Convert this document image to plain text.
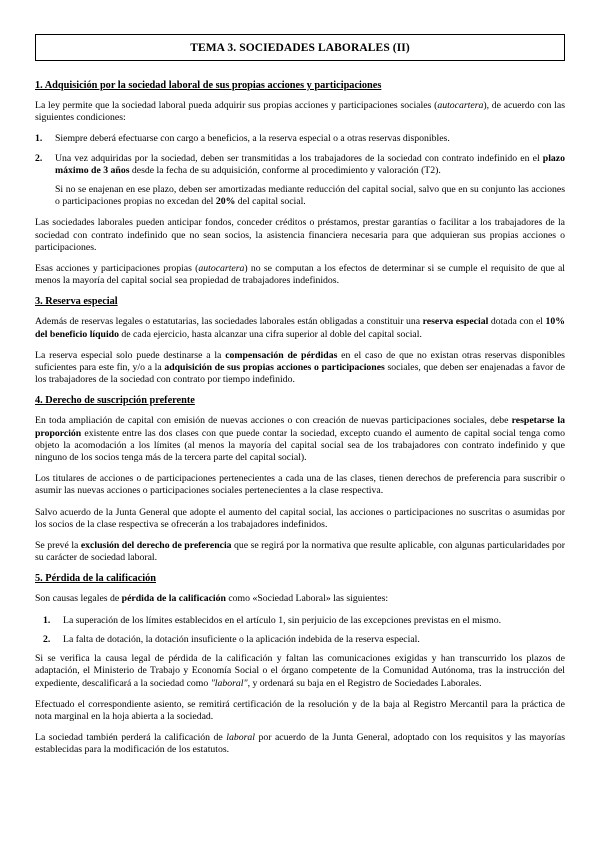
TEMA 3. SOCIEDADES LABORALES (II)
1. Adquisición por la sociedad laboral de sus propias acciones y participaciones

La ley permite que la sociedad laboral pueda adquirir sus propias acciones y participaciones sociales (autocartera), de acuerdo con las siguientes condiciones:

1.	Siempre deberá efectuarse con cargo a beneficios, a la reserva especial o a otras reservas disponibles.
2.	Una vez adquiridas por la sociedad, deben ser transmitidas a los trabajadores de la sociedad con contrato indefinido en el plazo máximo de 3 años desde la fecha de su adquisición, conforme al procedimiento y valoración (T2).

Si no se enajenan en ese plazo, deben ser amortizadas mediante reducción del capital social, salvo que en su conjunto las acciones o participaciones propias no excedan del 20% del capital social.

Las sociedades laborales pueden anticipar fondos, conceder créditos o préstamos, prestar garantías o facilitar a los trabajadores de la sociedad con contrato indefinido que no sean socios, la asistencia financiera necesaria para que adquieran sus propias acciones o participaciones.

Esas acciones y participaciones propias (autocartera) no se computan a los efectos de determinar si se cumple el requisito de que al menos la mayoría del capital social sea propiedad de trabajadores indefinidos.

3. Reserva especial

Además de reservas legales o estatutarias, las sociedades laborales están obligadas a constituir una reserva especial dotada con el 10% del beneficio líquido de cada ejercicio, hasta alcanzar una cifra superior al doble del capital social.

La reserva especial solo puede destinarse a la compensación de pérdidas en el caso de que no existan otras reservas disponibles suficientes para este fin, y/o a la adquisición de sus propias acciones o participaciones sociales, que deben ser enajenadas a favor de los trabajadores de la sociedad con contrato por tiempo indefinido.

4. Derecho de suscripción preferente

En toda ampliación de capital con emisión de nuevas acciones o con creación de nuevas participaciones sociales, debe respetarse la proporción existente entre las dos clases con que puede contar la sociedad, excepto cuando el aumento de capital social tenga como objeto la acomodación a los límites (al menos la mayoría del capital social sea de los trabajadores con contrato indefinido y que ninguno de los socios tenga más de la tercera parte del capital social).

Los titulares de acciones o de participaciones pertenecientes a cada una de las clases, tienen derechos de preferencia para suscribir o asumir las nuevas acciones o participaciones sociales pertenecientes a la clase respectiva.

Salvo acuerdo de la Junta General que adopte el aumento del capital social, las acciones o participaciones no suscritas o asumidas por los socios de la clase respectiva se ofrecerán a los trabajadores indefinidos.

Se prevé la exclusión del derecho de preferencia que se regirá por la normativa que resulte aplicable, con algunas particularidades por su carácter de sociedad laboral.

5. Pérdida de la calificación

Son causas legales de pérdida de la calificación como «Sociedad Laboral» las siguientes:

1.	La superación de los límites establecidos en el artículo 1, sin perjuicio de las excepciones previstas en el mismo.
2.	La falta de dotación, la dotación insuficiente o la aplicación indebida de la reserva especial.

Si se verifica la causa legal de pérdida de la calificación y faltan las comunicaciones exigidas y han transcurrido los plazos de adaptación, el Ministerio de Trabajo y Economía Social o el órgano competente de la Comunidad Autónoma, tras la instrucción del expediente, descalificará a la sociedad como "laboral", y ordenará su baja en el Registro de Sociedades Laborales.

Efectuado el correspondiente asiento, se remitirá certificación de la resolución y de la baja al Registro Mercantil para la práctica de nota marginal en la hoja abierta a la sociedad.

La sociedad también perderá la calificación de laboral por acuerdo de la Junta General, adoptado con los requisitos y las mayorías establecidas para la modificación de los estatutos.
